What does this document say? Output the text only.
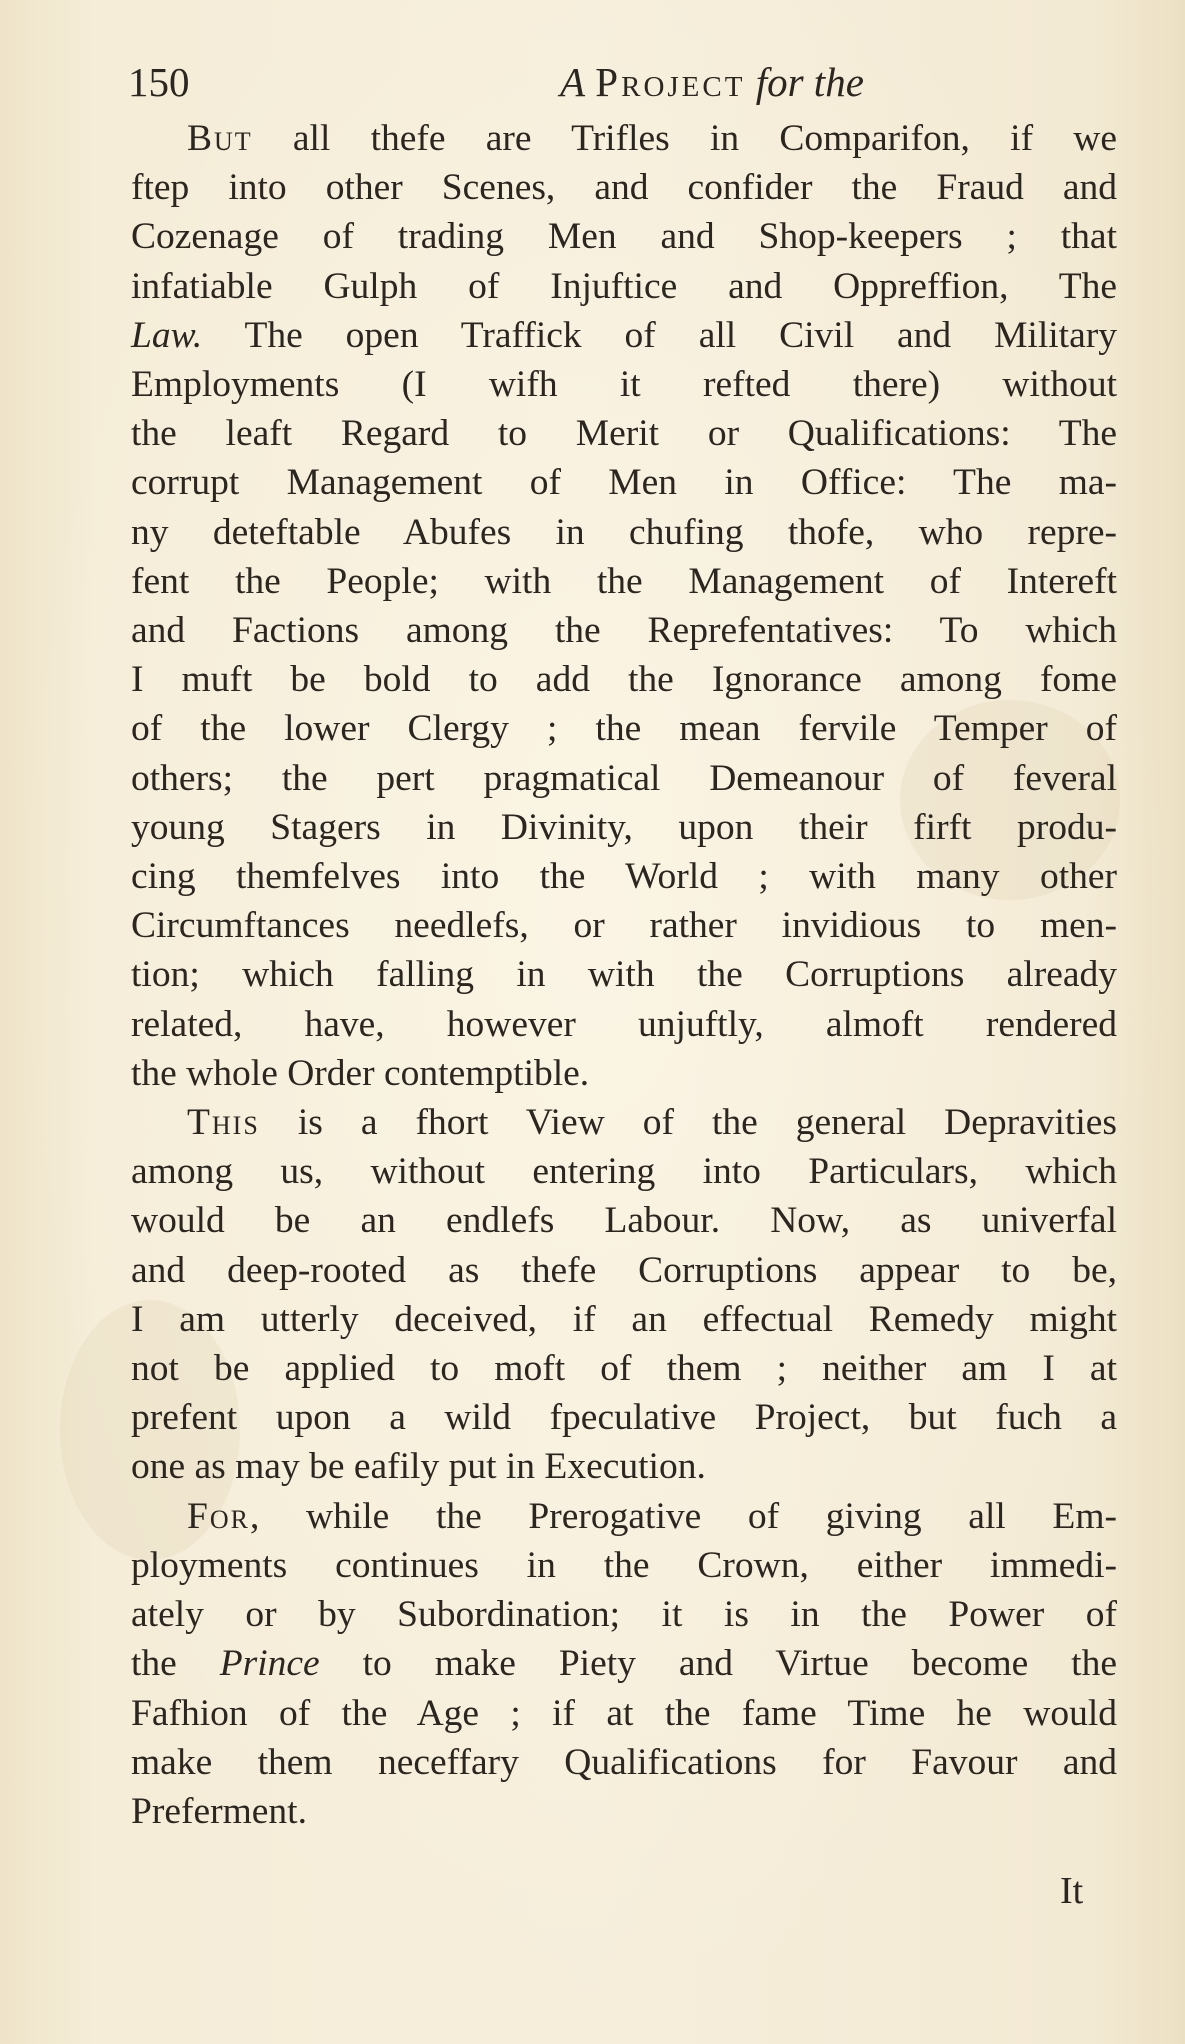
150	A Project for the
But all thefe are Trifles in Comparifon, if we
ftep into other Scenes, and confider the Fraud and
Cozenage of trading Men and Shop-keepers ; that
infatiable Gulph of Injuftice and Oppreffion, The
Law. The open Traffick of all Civil and Military
Employments (I wifh it refted there) without
the leaft Regard to Merit or Qualifications: The
corrupt Management of Men in Office: The ma-
ny deteftable Abufes in chufing thofe, who repre-
fent the People; with the Management of Intereft
and Factions among the Reprefentatives: To which
I muft be bold to add the Ignorance among fome
of the lower Clergy ; the mean fervile Temper of
others; the pert pragmatical Demeanour of feveral
young Stagers in Divinity, upon their firft produ-
cing themfelves into the World ; with many other
Circumftances needlefs, or rather invidious to men-
tion; which falling in with the Corruptions already
related, have, however unjuftly, almoft rendered
the whole Order contemptible.
This is a fhort View of the general Depravities
among us, without entering into Particulars, which
would be an endlefs Labour. Now, as univerfal
and deep-rooted as thefe Corruptions appear to be,
I am utterly deceived, if an effectual Remedy might
not be applied to moft of them ; neither am I at
prefent upon a wild fpeculative Project, but fuch a
one as may be eafily put in Execution.
For, while the Prerogative of giving all Em-
ployments continues in the Crown, either immedi-
ately or by Subordination; it is in the Power of
the Prince to make Piety and Virtue become the
Fafhion of the Age ; if at the fame Time he would
make them neceffary Qualifications for Favour and
Preferment.
It
